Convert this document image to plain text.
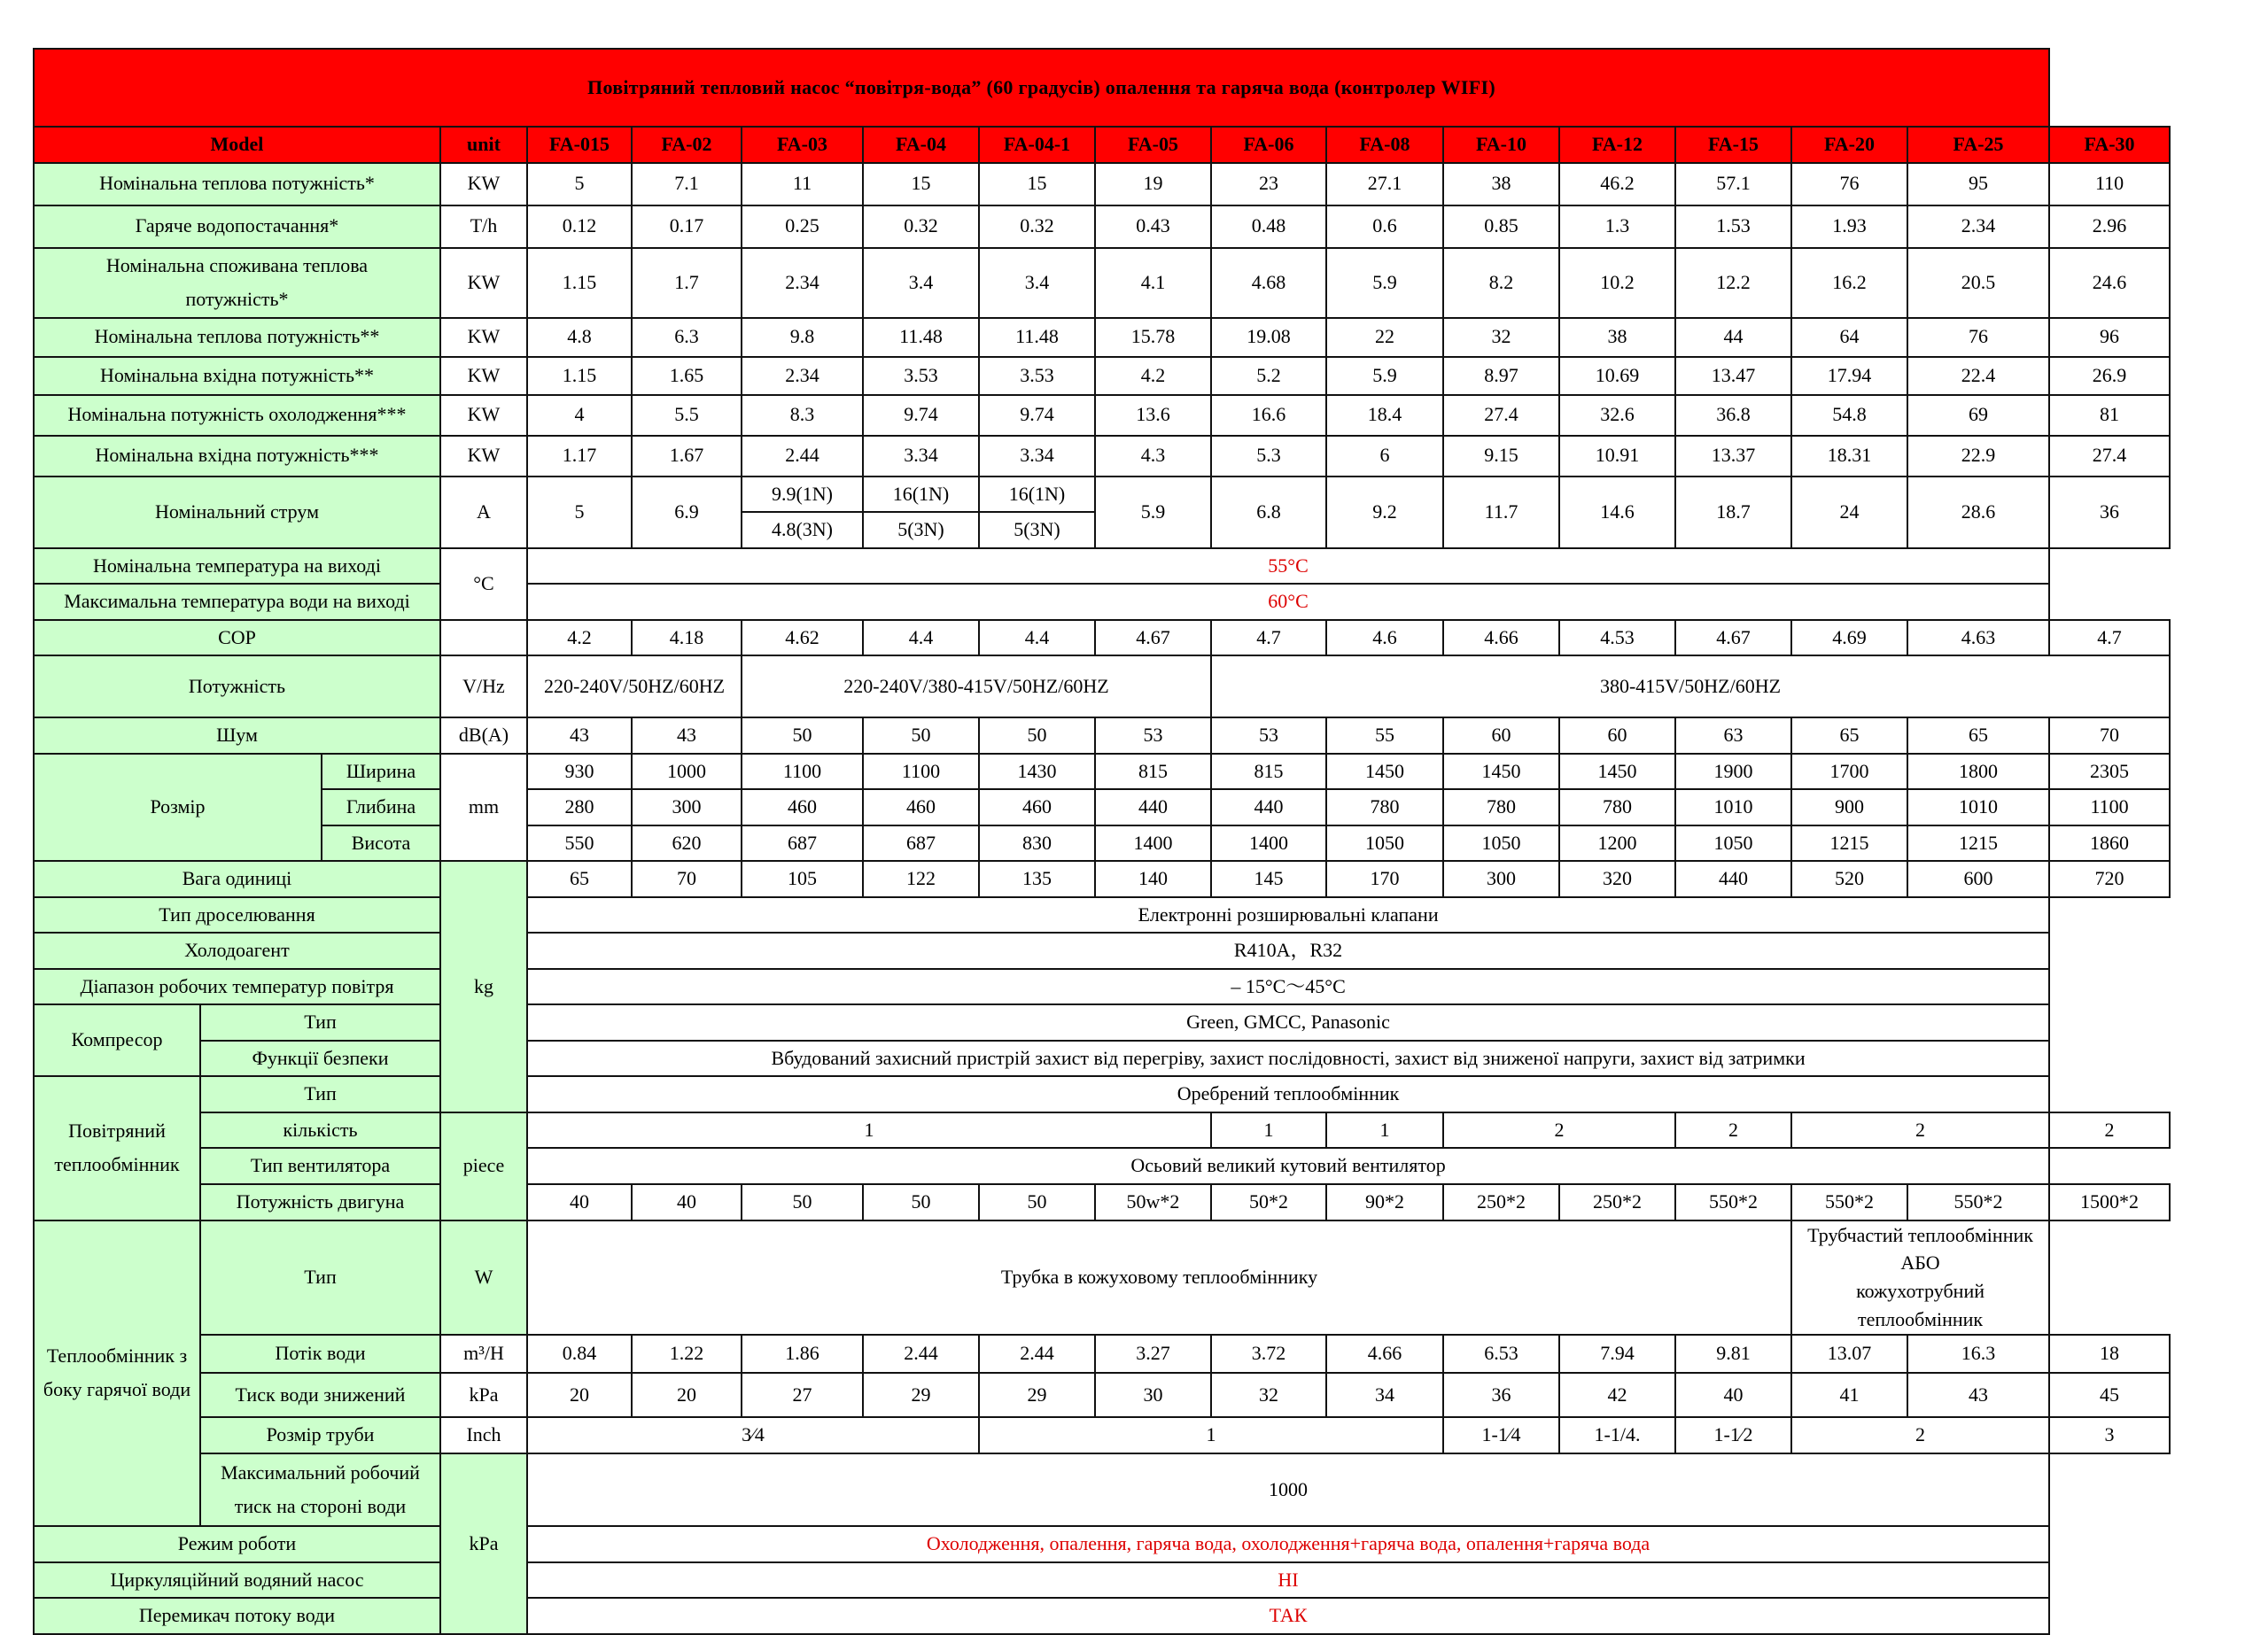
Повітряний тепловий насос “повітря-вода” (60 градусів) опалення та гаряча вода (контролер WIFI)																	
Model			unit	FA-015	FA-02	FA-03	FA-04	FA-04-1	FA-05	FA-06	FA-08	FA-10	FA-12	FA-15	FA-20	FA-25	FA-30
Номінальна теплова потужність*			KW	5	7.1	11	15	15	19	23	27.1	38	46.2	57.1	76	95	110
Гаряче водопостачання*			T/h	0.12	0.17	0.25	0.32	0.32	0.43	0.48	0.6	0.85	1.3	1.53	1.93	2.34	2.96
Номінальна споживана теплова
потужність*			KW	1.15	1.7	2.34	3.4	3.4	4.1	4.68	5.9	8.2	10.2	12.2	16.2	20.5	24.6
Номінальна теплова потужність**			KW	4.8	6.3	9.8	11.48	11.48	15.78	19.08	22	32	38	44	64	76	96
Номінальна вхідна потужність**			KW	1.15	1.65	2.34	3.53	3.53	4.2	5.2	5.9	8.97	10.69	13.47	17.94	22.4	26.9
Номінальна потужність охолодження***			KW	4	5.5	8.3	9.74	9.74	13.6	16.6	18.4	27.4	32.6	36.8	54.8	69	81
Номінальна вхідна потужність***			KW	1.17	1.67	2.44	3.34	3.34	4.3	5.3	6	9.15	10.91	13.37	18.31	22.9	27.4
Номінальний струм			A	5	6.9	9.9(1N)	16(1N)	16(1N)	5.9	6.8	9.2	11.7	14.6	18.7	24	28.6	36
						4.8(3N)	5(3N)	5(3N)									
Номінальна температура на виході			°C	55°C													
Максимальна температура води на виході				60°C													
COP				4.2	4.18	4.62	4.4	4.4	4.67	4.7	4.6	4.66	4.53	4.67	4.69	4.63	4.7
Потужність			V/Hz	220-240V/50HZ/60HZ		220-240V/380-415V/50HZ/60HZ				380-415V/50HZ/60HZ							
Шум			dB(A)	43	43	50	50	50	53	53	55	60	60	63	65	65	70
Розмір		Ширина	mm	930	1000	1100	1100	1430	815	815	1450	1450	1450	1900	1700	1800	2305
		Глибина		280	300	460	460	460	440	440	780	780	780	1010	900	1010	1100
		Висота		550	620	687	687	830	1400	1400	1050	1050	1200	1050	1215	1215	1860
Вага одиниці			kg	65	70	105	122	135	140	145	170	300	320	440	520	600	720
Тип дроселювання				Електронні розширювальні клапани													
Холодоагент				R410A，R32													
Діапазон робочих температур повітря				– 15°C～45°C													
Компресор	Тип			Green, GMCC, Panasonic													
	Функції безпеки			Вбудований захисний пристрій захист від перегріву, захист послідовності, захист від зниженої напруги, захист від затримки													
Повітряний
теплообмінник	Тип			Оребрений теплообмінник													
	кількість		piece	1						1	1	2		2	2		2
	Тип вентилятора			Осьовий великий кутовий вентилятор													
	Потужність двигуна			40	40	50	50	50	50w*2	50*2	90*2	250*2	250*2	550*2	550*2	550*2	1500*2
Теплообмінник з
боку гарячої води	Тип		W	Трубка в кожуховому теплообміннику											Трубчастий теплообмінник АБО
кожухотрубний теплообмінник		
	Потік води		m³/H	0.84	1.22	1.86	2.44	2.44	3.27	3.72	4.66	6.53	7.94	9.81	13.07	16.3	18
	Тиск води знижений		kPa	20	20	27	29	29	30	32	34	36	42	40	41	43	45
	Розмір труби		Inch	3⁄4				1				1-1⁄4	1-1/4.	1-1⁄2	2		3
	Максимальний робочий
тиск на стороні води		kPa	1000													
Режим роботи				Охолодження, опалення, гаряча вода, охолодження+гаряча вода, опалення+гаряча вода													
Циркуляційний водяний насос				НІ													
Перемикач потоку води				ТАК													
